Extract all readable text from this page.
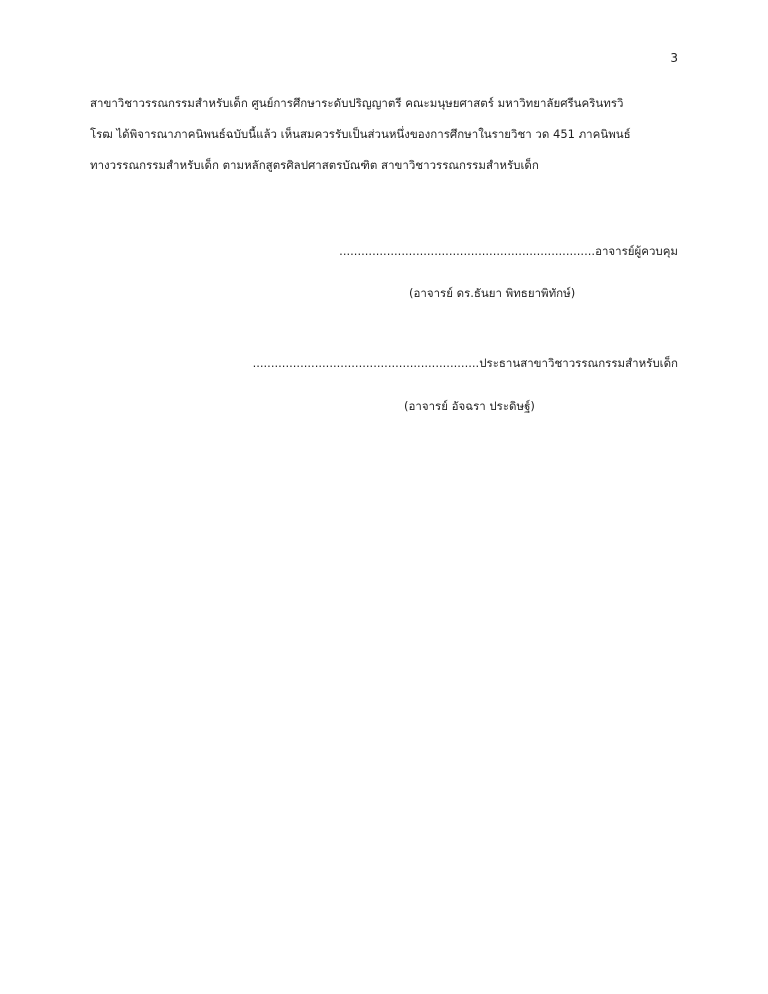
3
สาขาวิชาวรรณกรรมสำหรับเด็ก ศูนย์การศึกษาระดับปริญญาตรี คณะมนุษยศาสตร์ มหาวิทยาลัยศรีนครินทรวิ
โรฒ ได้พิจารณาภาคนิพนธ์ฉบับนี้แล้ว เห็นสมควรรับเป็นส่วนหนึ่งของการศึกษาในรายวิชา วด 451 ภาคนิพนธ์
ทางวรรณกรรมสำหรับเด็ก ตามหลักสูตรศิลปศาสตรบัณฑิต สาขาวิชาวรรณกรรมสำหรับเด็ก
......................................................................อาจารย์ผู้ควบคุม
(อาจารย์ ดร.ธันยา พิทธยาพิทักษ์)
..............................................................ประธานสาขาวิชาวรรณกรรมสำหรับเด็ก
(อาจารย์ อัจฉรา ประดิษฐ์)
